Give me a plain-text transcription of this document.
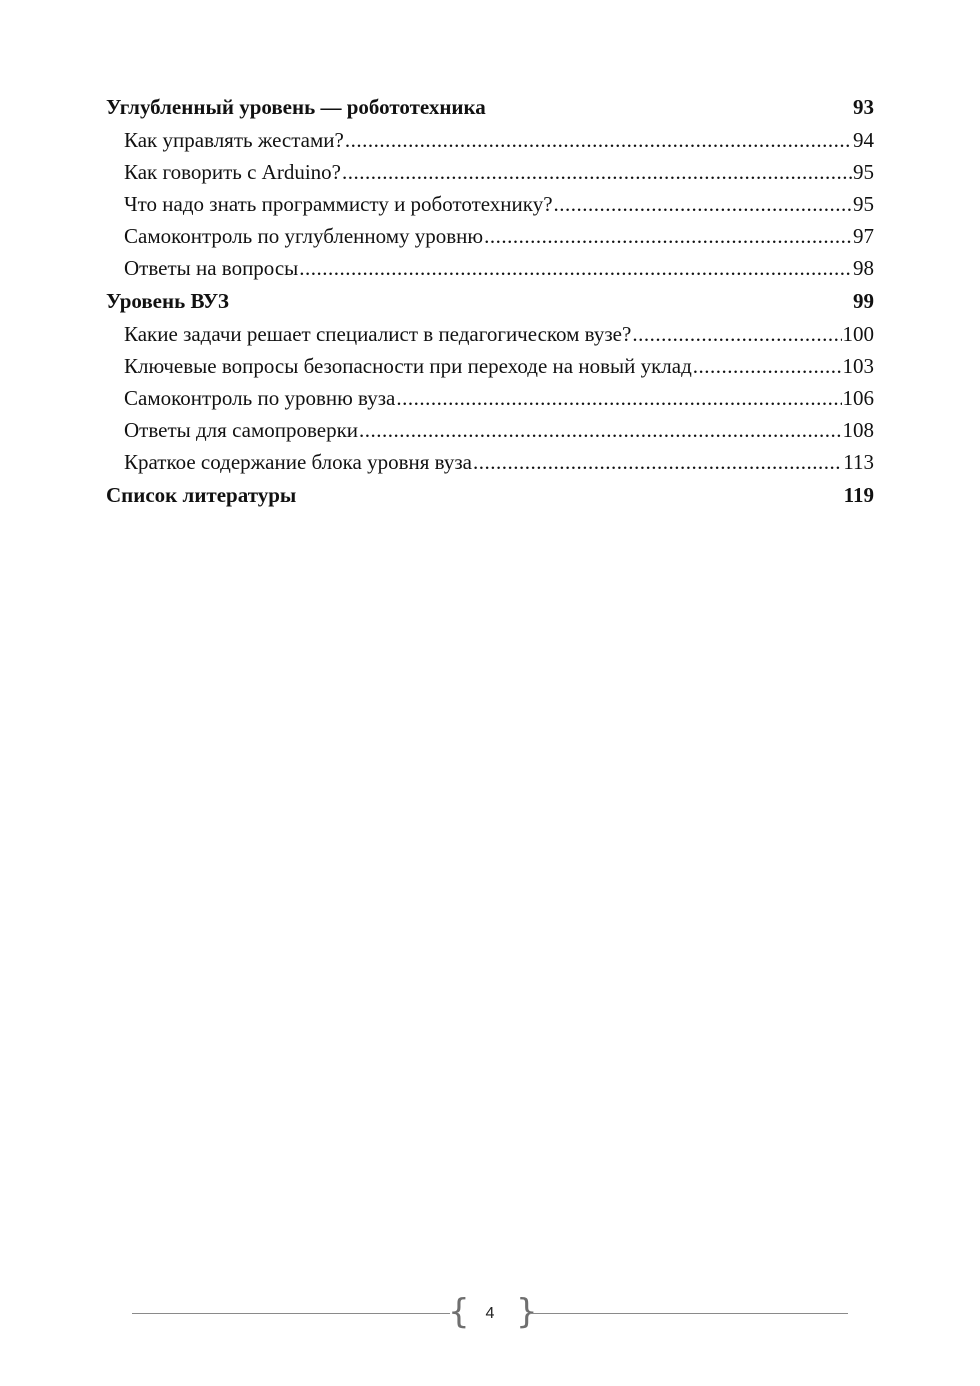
Углубленный уровень — робототехника	93
Как управлять жестами? .....	94
Как говорить с Arduino? .....	95
Что надо знать программисту и робототехнику? .....	95
Самоконтроль по углубленному уровню .....	97
Ответы на вопросы .....	98
Уровень ВУЗ	99
Какие задачи решает специалист в педагогическом вузе? .....	100
Ключевые вопросы безопасности при переходе на новый уклад .....	103
Самоконтроль по уровню вуза .....	106
Ответы для самопроверки .....	108
Краткое содержание блока уровня вуза .....	113
Список литературы	119
{ 4 }
